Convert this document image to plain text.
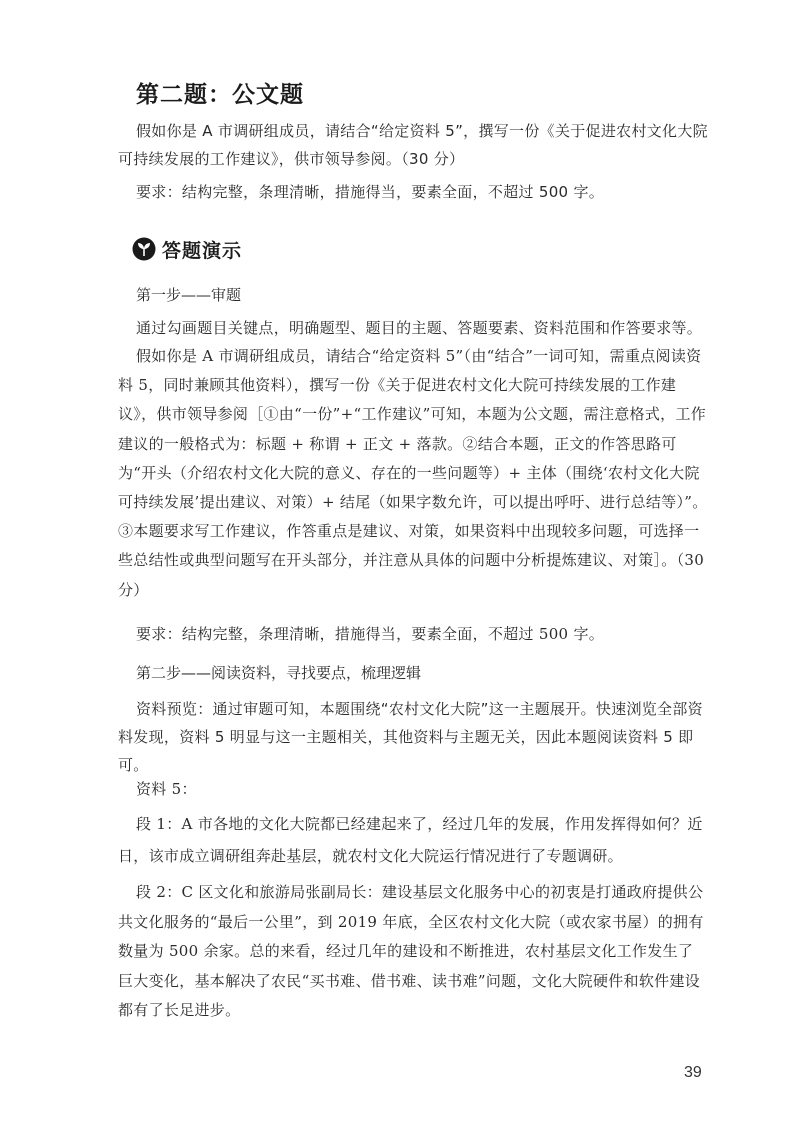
第二题：公文题
假如你是 A 市调研组成员，请结合“给定资料 5”，撰写一份《关于促进农村文化大院可持续发展的工作建议》，供市领导参阅。（30 分）
要求：结构完整，条理清晰，措施得当，要素全面，不超过 500 字。
答题演示
第一步——审题
通过勾画题目关键点，明确题型、题目的主题、答题要素、资料范围和作答要求等。
假如你是 A 市调研组成员，请结合“给定资料 5”（由“结合”一词可知，需重点阅读资料 5，同时兼顾其他资料），撰写一份《关于促进农村文化大院可持续发展的工作建议》，供市领导参阅［①由“一份”+“工作建议”可知，本题为公文题，需注意格式，工作建议的一般格式为：标题 + 称谓 + 正文 + 落款。②结合本题，正文的作答思路可为“开头（介绍农村文化大院的意义、存在的一些问题等）+ 主体（围绕‘农村文化大院可持续发展’提出建议、对策）+ 结尾（如果字数允许，可以提出呼吁、进行总结等）”。③本题要求写工作建议，作答重点是建议、对策，如果资料中出现较多问题，可选择一些总结性或典型问题写在开头部分，并注意从具体的问题中分析提炼建议、对策］。（30 分）
要求：结构完整，条理清晰，措施得当，要素全面，不超过 500 字。
第二步——阅读资料，寻找要点，梳理逻辑
资料预览：通过审题可知，本题围绕“农村文化大院”这一主题展开。快速浏览全部资料发现，资料 5 明显与这一主题相关，其他资料与主题无关，因此本题阅读资料 5 即可。
资料 5：
段 1：A 市各地的文化大院都已经建起来了，经过几年的发展，作用发挥得如何？近日，该市成立调研组奔赴基层，就农村文化大院运行情况进行了专题调研。
段 2：C 区文化和旅游局张副局长：建设基层文化服务中心的初衷是打通政府提供公共文化服务的“最后一公里”，到 2019 年底，全区农村文化大院（或农家书屋）的拥有数量为 500 余家。总的来看，经过几年的建设和不断推进，农村基层文化工作发生了巨大变化，基本解决了农民“买书难、借书难、读书难”问题，文化大院硬件和软件建设都有了长足进步。
39
